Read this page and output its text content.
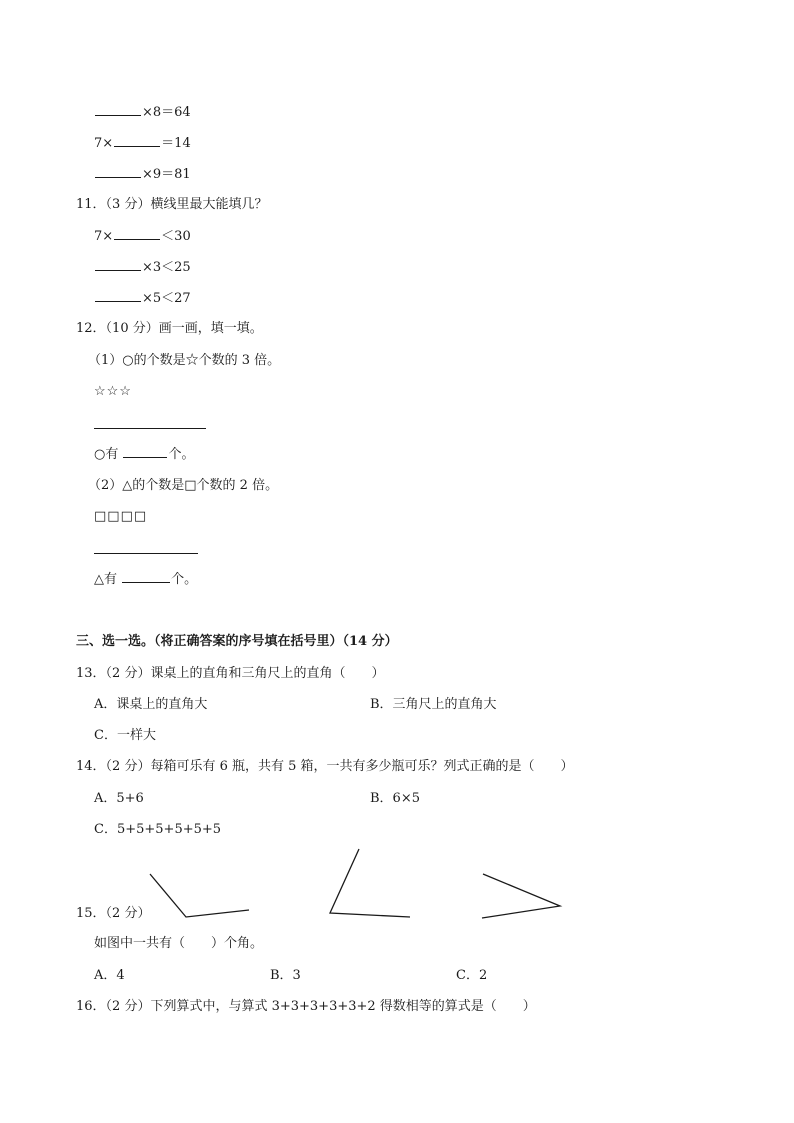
×8＝64
7×	＝14
×9＝81
11．（3 分）横线里最大能填几？
7×	＜30
×3＜25
×5＜27
12．（10 分）画一画，填一填。
（1）○的个数是☆个数的 3 倍。
☆☆☆
○有	个。
（2）△的个数是□个数的 2 倍。
□□□□
△有	个。
三、选一选。（将正确答案的序号填在括号里）（14 分）
13．（2 分）课桌上的直角和三角尺上的直角（　　）
A．课桌上的直角大	B．三角尺上的直角大
C．一样大
14．（2 分）每箱可乐有 6 瓶，共有 5 箱，一共有多少瓶可乐？列式正确的是（　　）
A．5+6	B．6×5
C．5+5+5+5+5+5
15．（2 分）
如图中一共有（　　）个角。
A．4	B．3	C．2
16．（2 分）下列算式中，与算式 3+3+3+3+3+2 得数相等的算式是（　　）
